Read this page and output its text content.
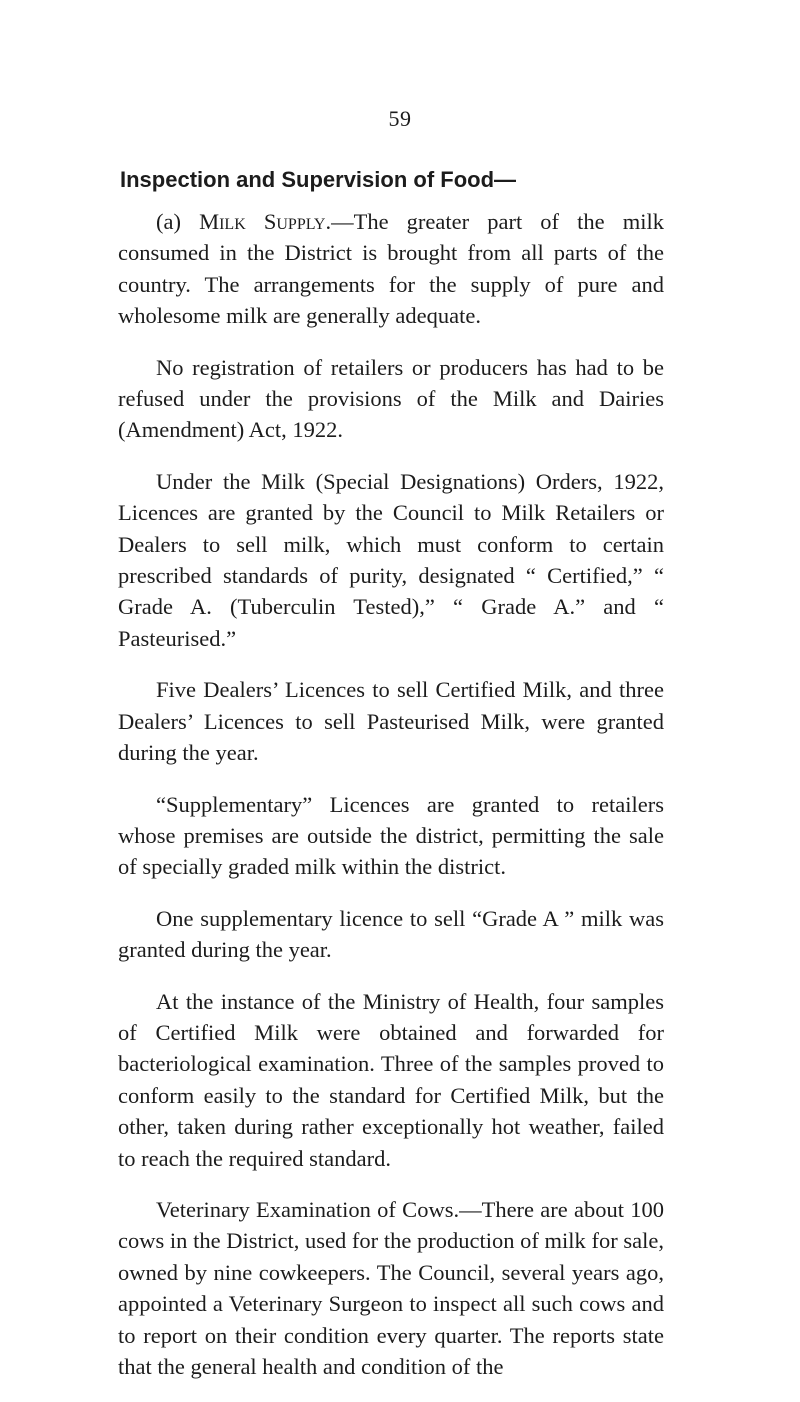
59
Inspection and Supervision of Food—

(a) Milk Supply.—The greater part of the milk consumed in the District is brought from all parts of the country. The arrangements for the supply of pure and wholesome milk are generally adequate.

No registration of retailers or producers has had to be refused under the provisions of the Milk and Dairies (Amendment) Act, 1922.

Under the Milk (Special Designations) Orders, 1922, Licences are granted by the Council to Milk Retailers or Dealers to sell milk, which must conform to certain prescribed standards of purity, designated “ Certified,” “ Grade A. (Tuberculin Tested),” “ Grade A.” and “ Pasteurised.”

Five Dealers’ Licences to sell Certified Milk, and three Dealers’ Licences to sell Pasteurised Milk, were granted during the year.

“Supplementary” Licences are granted to retailers whose premises are outside the district, permitting the sale of specially graded milk within the district.

One supplementary licence to sell “Grade A ” milk was granted during the year.

At the instance of the Ministry of Health, four samples of Certified Milk were obtained and forwarded for bacteriological examination. Three of the samples proved to conform easily to the standard for Certified Milk, but the other, taken during rather exceptionally hot weather, failed to reach the required standard.

Veterinary Examination of Cows.—There are about 100 cows in the District, used for the production of milk for sale, owned by nine cowkeepers. The Council, several years ago, appointed a Veterinary Surgeon to inspect all such cows and to report on their condition every quarter. The reports state that the general health and condition of the
